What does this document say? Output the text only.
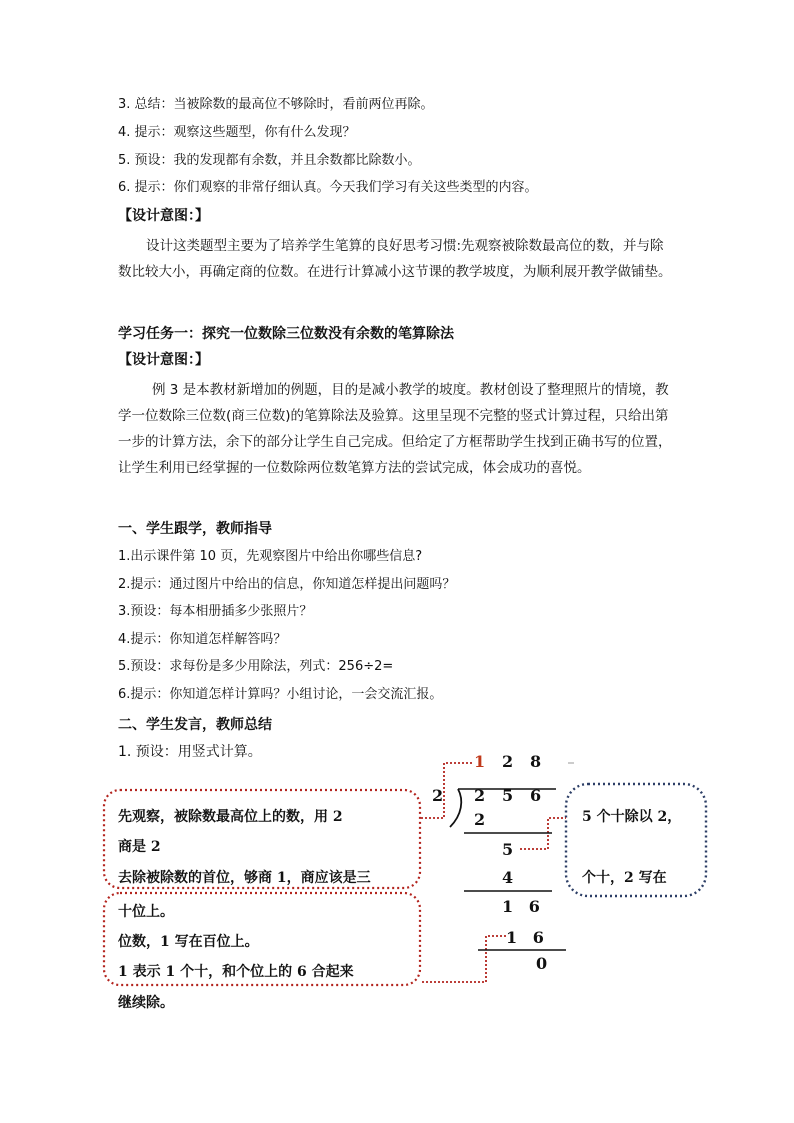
3. 总结：当被除数的最高位不够除时，看前两位再除。
4. 提示：观察这些题型，你有什么发现？
5. 预设：我的发现都有余数，并且余数都比除数小。
6. 提示：你们观察的非常仔细认真。今天我们学习有关这些类型的内容。
【设计意图：】
设计这类题型主要为了培养学生笔算的良好思考习惯:先观察被除数最高位的数，并与除数比较大小，再确定商的位数。在进行计算减小这节课的教学坡度，为顺利展开教学做铺垫。
学习任务一：探究一位数除三位数没有余数的笔算除法
【设计意图：】
例 3 是本教材新增加的例题，目的是减小教学的坡度。教材创设了整理照片的情境，教学一位数除三位数(商三位数)的笔算除法及验算。这里呈现不完整的竖式计算过程，只给出第一步的计算方法，余下的部分让学生自己完成。但给定了方框帮助学生找到正确书写的位置，让学生利用已经掌握的一位数除两位数笔算方法的尝试完成，体会成功的喜悦。
一、学生跟学，教师指导
1.出示课件第 10 页，先观察图片中给出你哪些信息?
2.提示：通过图片中给出的信息，你知道怎样提出问题吗？
3.预设：每本相册插多少张照片？
4.提示：你知道怎样解答吗？
5.预设：求每份是多少用除法，列式：256÷2=
6.提示：你知道怎样计算吗？小组讨论，一会交流汇报。
二、学生发言，教师总结
1. 预设：用竖式计算。	1 2 8
2 2 5 6
2
5
4
1 6
1 6
0
先观察，被除数最高位上的数，用 2
商是 2
去除被除数的首位，够商 1，商应该是三
十位上。
位数，1 写在百位上。
1 表示 1 个十，和个位上的 6 合起来
继续除。
5 个十除以 2，
个十，2 写在
